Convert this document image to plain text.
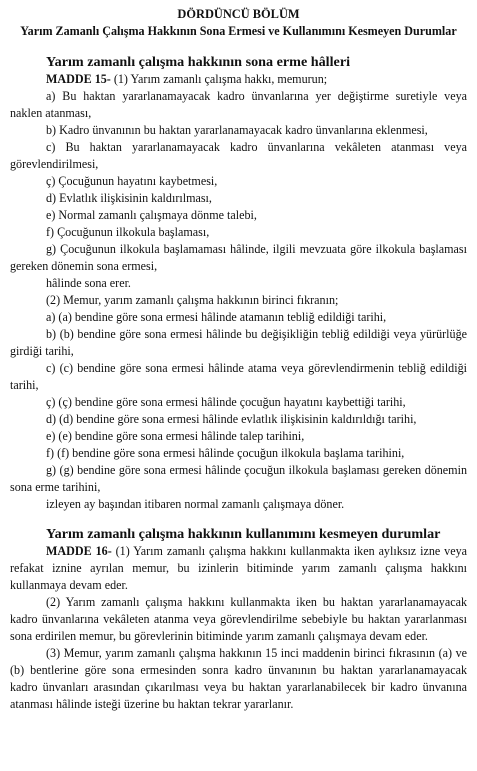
DÖRDÜNCÜ BÖLÜM
Yarım Zamanlı Çalışma Hakkının Sona Ermesi ve Kullanımını Kesmeyen Durumlar
Yarım zamanlı çalışma hakkının sona erme hâlleri

MADDE 15- (1) Yarım zamanlı çalışma hakkı, memurun;

a) Bu haktan yararlanamayacak kadro ünvanlarına yer değiştirme suretiyle veya naklen atanması,

b) Kadro ünvanının bu haktan yararlanamayacak kadro ünvanlarına eklenmesi,

c) Bu haktan yararlanamayacak kadro ünvanlarına vekâleten atanması veya görevlendirilmesi,

ç) Çocuğunun hayatını kaybetmesi,

d) Evlatlık ilişkisinin kaldırılması,

e) Normal zamanlı çalışmaya dönme talebi,

f) Çocuğunun ilkokula başlaması,

g) Çocuğunun ilkokula başlamaması hâlinde, ilgili mevzuata göre ilkokula başlaması gereken dönemin sona ermesi,

hâlinde sona erer.

(2) Memur, yarım zamanlı çalışma hakkının birinci fıkranın;

a) (a) bendine göre sona ermesi hâlinde atamanın tebliğ edildiği tarihi,

b) (b) bendine göre sona ermesi hâlinde bu değişikliğin tebliğ edildiği veya yürürlüğe girdiği tarihi,

c) (c) bendine göre sona ermesi hâlinde atama veya görevlendirmenin tebliğ edildiği tarihi,

ç) (ç) bendine göre sona ermesi hâlinde çocuğun hayatını kaybettiği tarihi,

d) (d) bendine göre sona ermesi hâlinde evlatlık ilişkisinin kaldırıldığı tarihi,

e) (e) bendine göre sona ermesi hâlinde talep tarihini,

f) (f) bendine göre sona ermesi hâlinde çocuğun ilkokula başlama tarihini,

g) (g) bendine göre sona ermesi hâlinde çocuğun ilkokula başlaması gereken dönemin sona erme tarihini,

izleyen ay başından itibaren normal zamanlı çalışmaya döner.

Yarım zamanlı çalışma hakkının kullanımını kesmeyen durumlar

MADDE 16- (1) Yarım zamanlı çalışma hakkını kullanmakta iken aylıksız izne veya refakat iznine ayrılan memur, bu izinlerin bitiminde yarım zamanlı çalışma hakkını kullanmaya devam eder.

(2) Yarım zamanlı çalışma hakkını kullanmakta iken bu haktan yararlanamayacak kadro ünvanlarına vekâleten atanma veya görevlendirilme sebebiyle bu haktan yararlanması sona erdirilen memur, bu görevlerinin bitiminde yarım zamanlı çalışmaya devam eder.

(3) Memur, yarım zamanlı çalışma hakkının 15 inci maddenin birinci fıkrasının (a) ve (b) bentlerine göre sona ermesinden sonra kadro ünvanının bu haktan yararlanamayacak kadro ünvanları arasından çıkarılması veya bu haktan yararlanabilecek bir kadro ünvanına atanması hâlinde isteği üzerine bu haktan tekrar yararlanır.
